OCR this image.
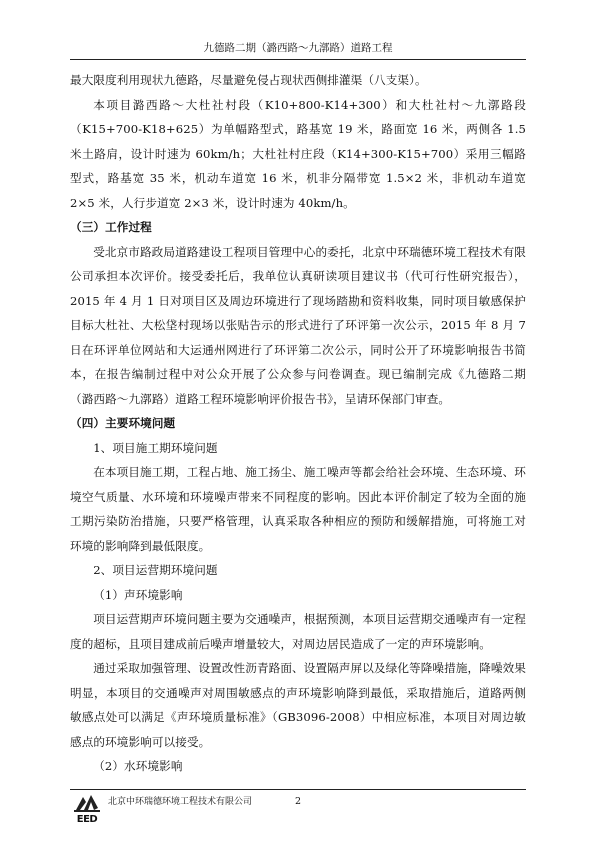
九德路二期（潞西路～九漷路）道路工程

最大限度利用现状九德路，尽量避免侵占现状西侧排灌渠（八支渠）。

本项目潞西路～大杜社村段（K10+800-K14+300）和大杜社村～九漷路段（K15+700-K18+625）为单幅路型式，路基宽 19 米，路面宽 16 米，两侧各 1.5 米土路肩，设计时速为 60km/h；大杜社村庄段（K14+300-K15+700）采用三幅路型式，路基宽 35 米，机动车道宽 16 米，机非分隔带宽 1.5×2 米，非机动车道宽 2×5 米，人行步道宽 2×3 米，设计时速为 40km/h。

（三）工作过程

受北京市路政局道路建设工程项目管理中心的委托，北京中环瑞德环境工程技术有限公司承担本次评价。接受委托后，我单位认真研读项目建议书（代可行性研究报告），2015 年 4 月 1 日对项目区及周边环境进行了现场踏勘和资料收集，同时项目敏感保护目标大杜社、大松垡村现场以张贴告示的形式进行了环评第一次公示，2015 年 8 月 7 日在环评单位网站和大运通州网进行了环评第二次公示，同时公开了环境影响报告书简本，在报告编制过程中对公众开展了公众参与问卷调查。现已编制完成《九德路二期（潞西路～九漷路）道路工程环境影响评价报告书》，呈请环保部门审查。

（四）主要环境问题

1、项目施工期环境问题

在本项目施工期，工程占地、施工扬尘、施工噪声等都会给社会环境、生态环境、环境空气质量、水环境和环境噪声带来不同程度的影响。因此本评价制定了较为全面的施工期污染防治措施，只要严格管理，认真采取各种相应的预防和缓解措施，可将施工对环境的影响降到最低限度。

2、项目运营期环境问题

（1）声环境影响

项目运营期声环境问题主要为交通噪声，根据预测，本项目运营期交通噪声有一定程度的超标，且项目建成前后噪声增量较大，对周边居民造成了一定的声环境影响。

通过采取加强管理、设置改性沥青路面、设置隔声屏以及绿化等降噪措施，降噪效果明显，本项目的交通噪声对周围敏感点的声环境影响降到最低，采取措施后，道路两侧敏感点处可以满足《声环境质量标准》（GB3096-2008）中相应标准，本项目对周边敏感点的环境影响可以接受。

（2）水环境影响

EED
北京中环瑞德环境工程技术有限公司	2
